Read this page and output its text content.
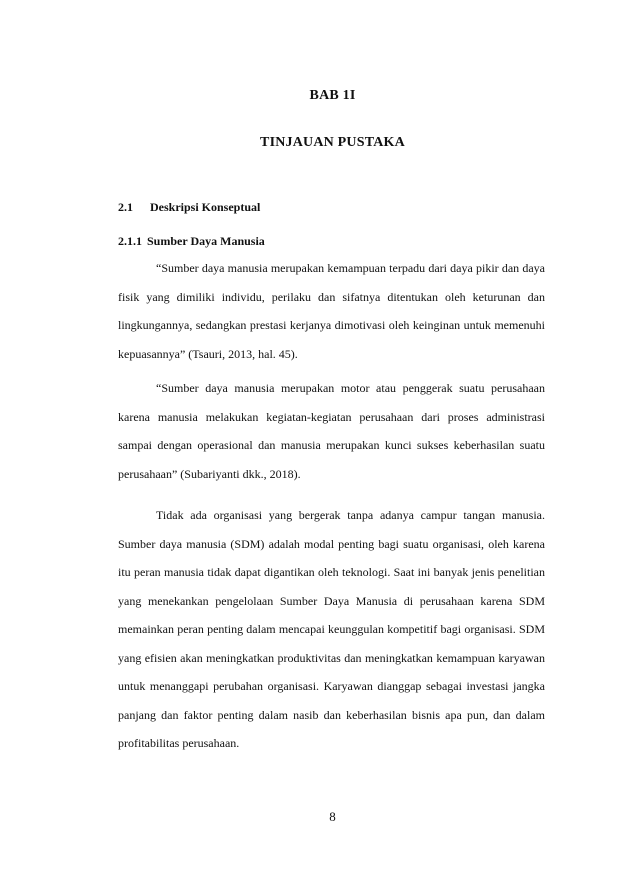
BAB 1I
TINJAUAN PUSTAKA
2.1 Deskripsi Konseptual
2.1.1 Sumber Daya Manusia

“Sumber daya manusia merupakan kemampuan terpadu dari daya pikir dan daya fisik yang dimiliki individu, perilaku dan sifatnya ditentukan oleh keturunan dan lingkungannya, sedangkan prestasi kerjanya dimotivasi oleh keinginan untuk memenuhi kepuasannya” (Tsauri, 2013, hal. 45).

“Sumber daya manusia merupakan motor atau penggerak suatu perusahaan karena manusia melakukan kegiatan-kegiatan perusahaan dari proses administrasi sampai dengan operasional dan manusia merupakan kunci sukses keberhasilan suatu perusahaan” (Subariyanti dkk., 2018).

Tidak ada organisasi yang bergerak tanpa adanya campur tangan manusia. Sumber daya manusia (SDM) adalah modal penting bagi suatu organisasi, oleh karena itu peran manusia tidak dapat digantikan oleh teknologi. Saat ini banyak jenis penelitian yang menekankan pengelolaan Sumber Daya Manusia di perusahaan karena SDM memainkan peran penting dalam mencapai keunggulan kompetitif bagi organisasi. SDM yang efisien akan meningkatkan produktivitas dan meningkatkan kemampuan karyawan untuk menanggapi perubahan organisasi. Karyawan dianggap sebagai investasi jangka panjang dan faktor penting dalam nasib dan keberhasilan bisnis apa pun, dan dalam profitabilitas perusahaan.

8
